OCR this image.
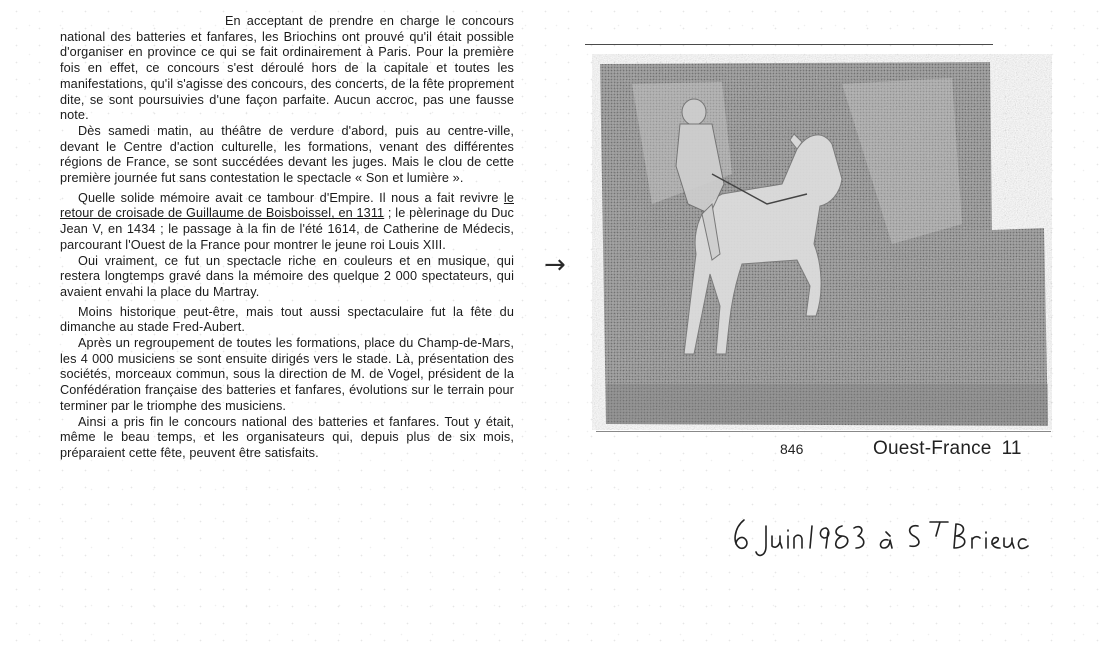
En acceptant de prendre en charge le concours national des batteries et fanfares, les Briochins ont prouvé qu'il était possible d'organiser en province ce qui se fait ordinairement à Paris. Pour la première fois en effet, ce concours s'est déroulé hors de la capitale et toutes les manifestations, qu'il s'agisse des concours, des concerts, de la fête proprement dite, se sont poursuivies d'une façon parfaite. Aucun accroc, pas une fausse note.

Dès samedi matin, au théâtre de verdure d'abord, puis au centre-ville, devant le Centre d'action culturelle, les formations, venant des différentes régions de France, se sont succédées devant les juges. Mais le clou de cette première journée fut sans contestation le spectacle « Son et lumière ».

Quelle solide mémoire avait ce tambour d'Empire. Il nous a fait revivre le retour de croisade de Guillaume de Boisboissel, en 1311 ; le pèlerinage du Duc Jean V, en 1434 ; le passage à la fin de l'été 1614, de Catherine de Médecis, parcourant l'Ouest de la France pour montrer le jeune roi Louis XIII.

Oui vraiment, ce fut un spectacle riche en couleurs et en musique, qui restera longtemps gravé dans la mémoire des quelque 2 000 spectateurs, qui avaient envahi la place du Martray.

Moins historique peut-être, mais tout aussi spectaculaire fut la fête du dimanche au stade Fred-Aubert.

Après un regroupement de toutes les formations, place du Champ-de-Mars, les 4 000 musiciens se sont ensuite dirigés vers le stade. Là, présentation des sociétés, morceaux commun, sous la direction de M. de Vogel, président de la Confédération française des batteries et fanfares, évolutions sur le terrain pour terminer par le triomphe des musiciens.

Ainsi a pris fin le concours national des batteries et fanfares. Tout y était, même le beau temps, et les organisateurs qui, depuis plus de six mois, préparaient cette fête, peuvent être satisfaits.

→
846	Ouest-France 11
